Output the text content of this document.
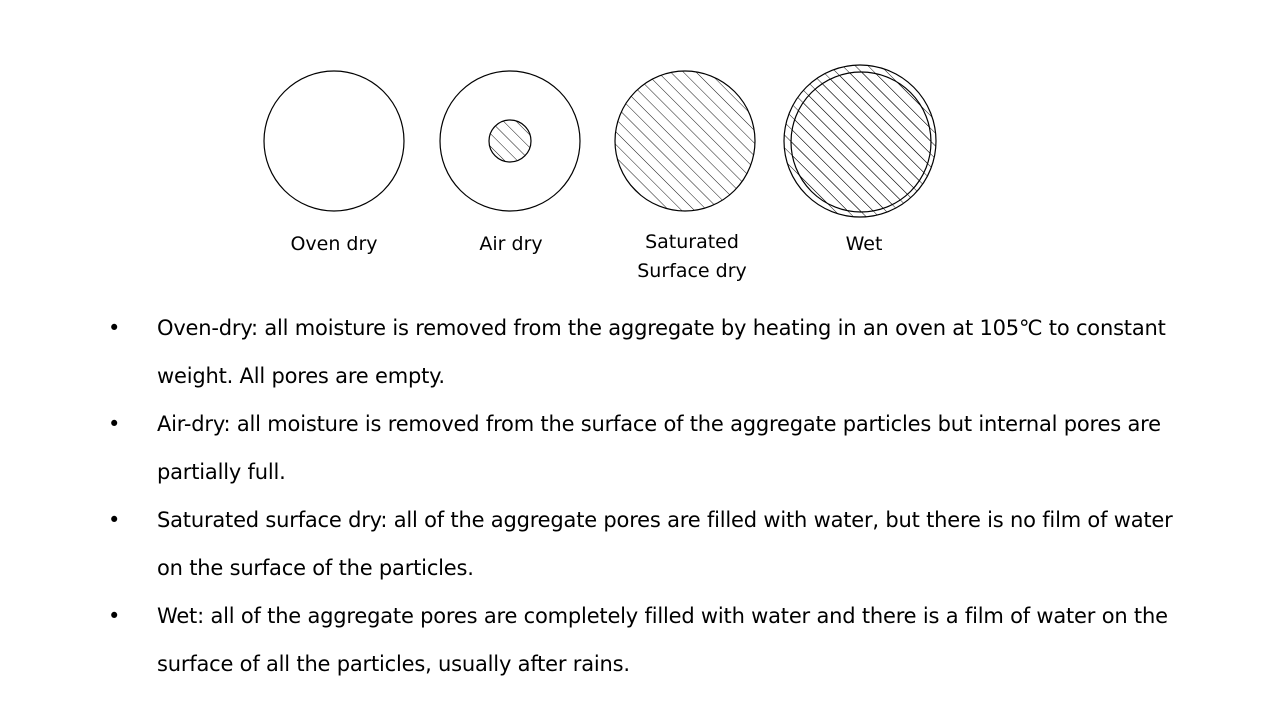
Oven dry	Air dry	Saturated
Surface dry
Wet
• Oven-dry: all moisture is removed from the aggregate by heating in an oven at 105℃ to constant weight. All pores are empty.
• Air-dry: all moisture is removed from the surface of the aggregate particles but internal pores are partially full.
• Saturated surface dry: all of the aggregate pores are filled with water, but there is no film of water on the surface of the particles.
• Wet: all of the aggregate pores are completely filled with water and there is a film of water on the surface of all the particles, usually after rains.
